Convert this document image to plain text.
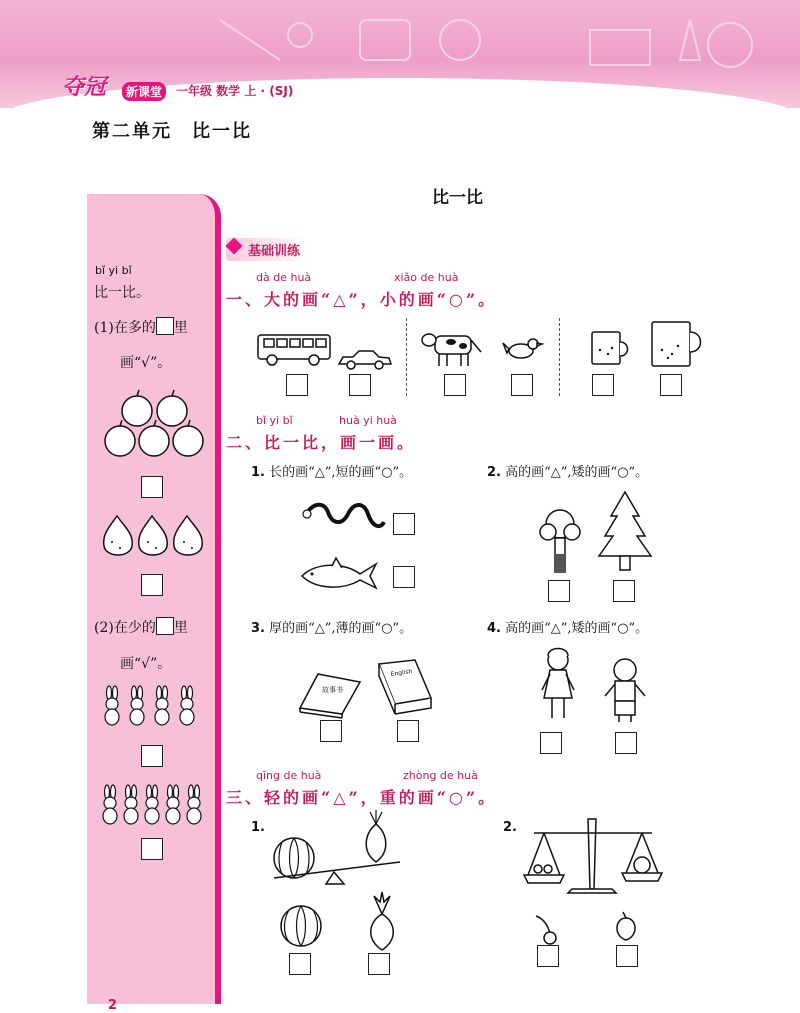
夺冠	新课堂	一年级 数学 上 · (SJ)
第二单元　比一比
比一比
bǐ yi bǐ
比一比。
(1)在多的 里
画“√”。
(2)在少的 里
画“√”。
基础训练
dà de huà	xiǎo de huà
一、大的画“△”，小的画“○”。
bǐ yi bǐ	huà yi huà
二、比一比，画一画。
1. 长的画“△”,短的画“○”。	2. 高的画“△”,矮的画“○”。
3. 厚的画“△”,薄的画“○”。	4. 高的画“△”,矮的画“○”。
故事书
English
qīng de huà	zhòng de huà
三、轻的画“△”，重的画“○”。
1.	2.
2
